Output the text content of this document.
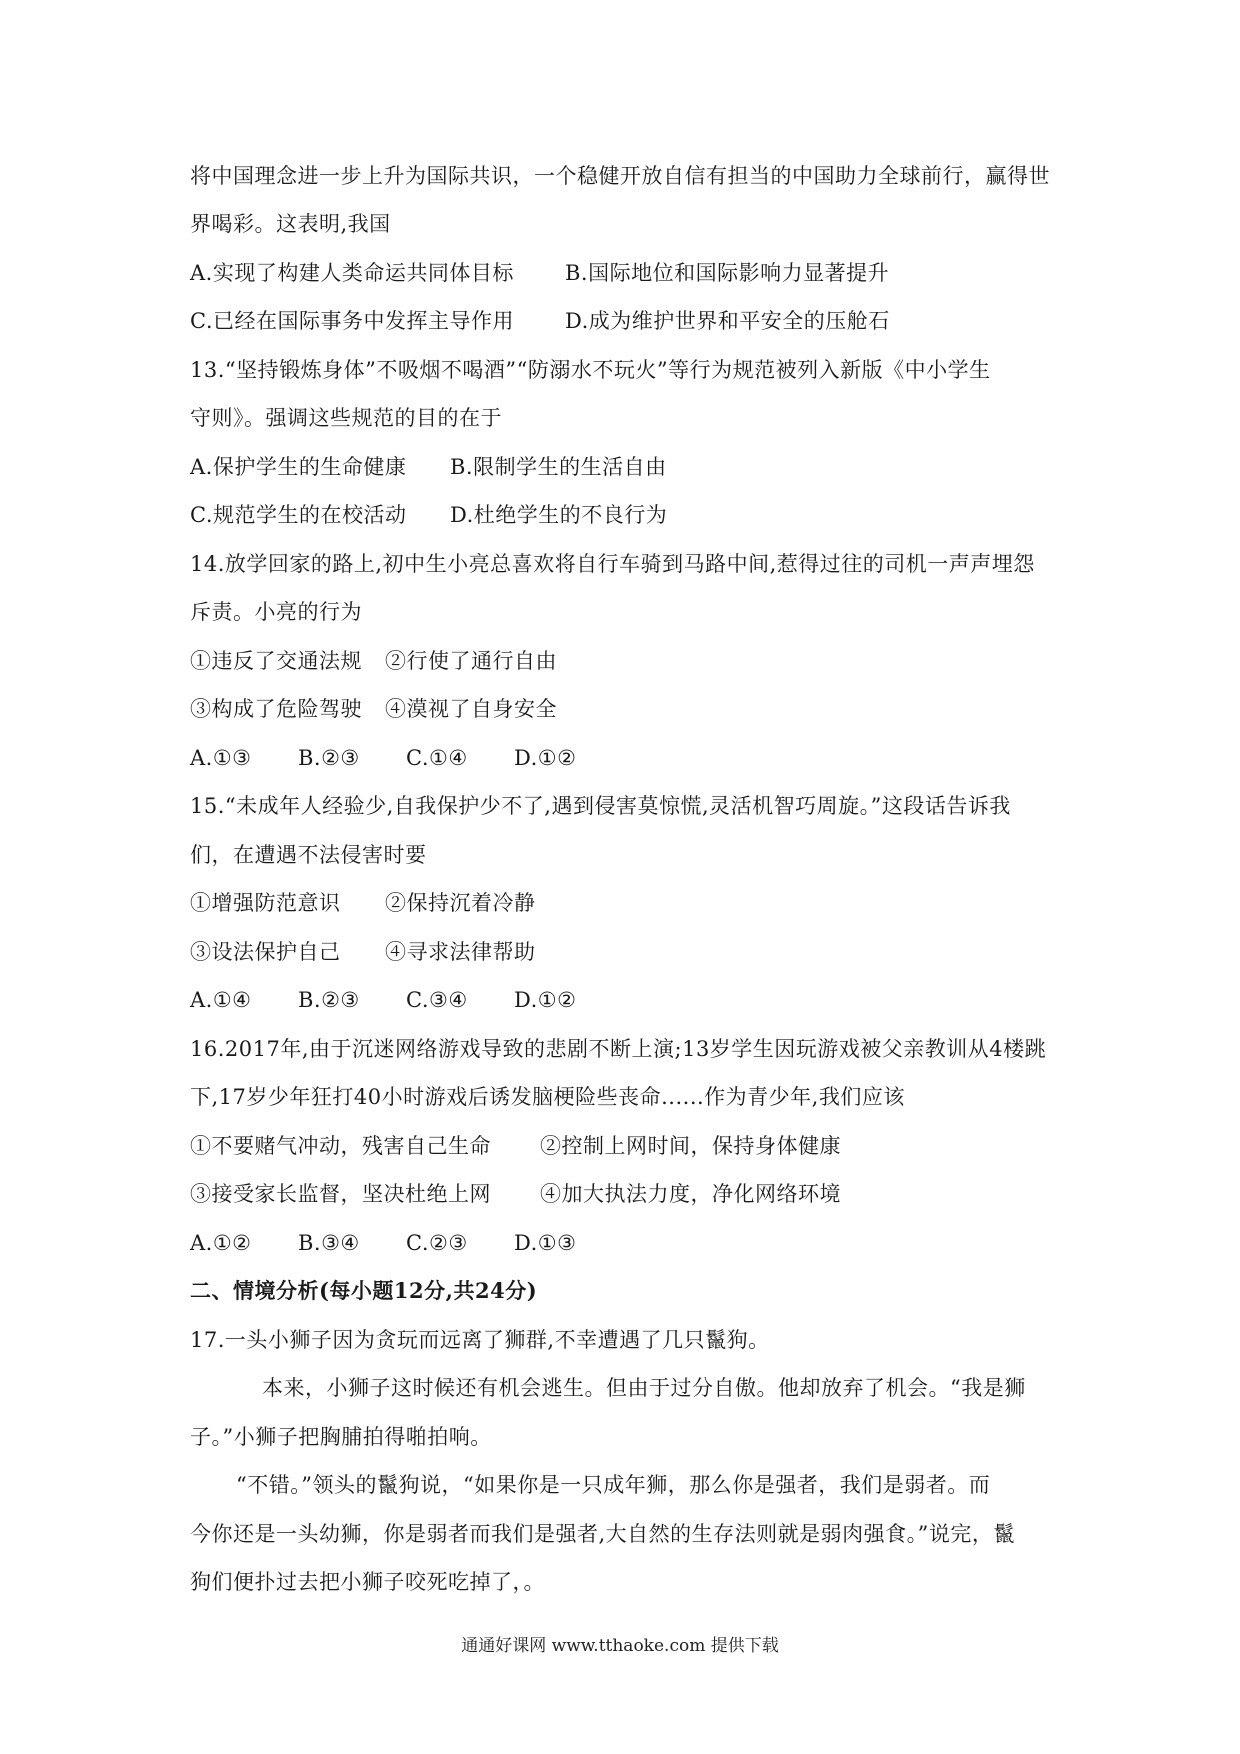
将中国理念进一步上升为国际共识，一个稳健开放自信有担当的中国助力全球前行，赢得世
界喝彩。这表明,我国
A.实现了构建人类命运共同体目标 B.国际地位和国际影响力显著提升
C.已经在国际事务中发挥主导作用 D.成为维护世界和平安全的压舱石
13.“坚持锻炼身体”不吸烟不喝酒”“防溺水不玩火”等行为规范被列入新版《中小学生
守则》。强调这些规范的目的在于
A.保护学生的生命健康 B.限制学生的生活自由
C.规范学生的在校活动 D.杜绝学生的不良行为
14.放学回家的路上,初中生小亮总喜欢将自行车骑到马路中间,惹得过往的司机一声声埋怨
斥责。小亮的行为
①违反了交通法规 ②行使了通行自由
③构成了危险驾驶 ④漠视了自身安全
A.①③ B.②③ C.①④ D.①②
15.“未成年人经验少,自我保护少不了,遇到侵害莫惊慌,灵活机智巧周旋。”这段话告诉我
们，在遭遇不法侵害时要
①增强防范意识 ②保持沉着冷静
③设法保护自己 ④寻求法律帮助
A.①④ B.②③ C.③④ D.①②
16.2017年,由于沉迷网络游戏导致的悲剧不断上演;13岁学生因玩游戏被父亲教训从4楼跳
下,17岁少年狂打40小时游戏后诱发脑梗险些丧命......作为青少年,我们应该
①不要赌气冲动，残害自己生命 ②控制上网时间，保持身体健康
③接受家长监督，坚决杜绝上网 ④加大执法力度，净化网络环境
A.①② B.③④ C.②③ D.①③
二、情境分析(每小题12分,共24分)
17.一头小狮子因为贪玩而远离了狮群,不幸遭遇了几只鬣狗。
本来，小狮子这时候还有机会逃生。但由于过分自傲。他却放弃了机会。“我是狮
子。”小狮子把胸脯拍得啪拍响。
“不错。”领头的鬣狗说，“如果你是一只成年狮，那么你是强者，我们是弱者。而
今你还是一头幼狮，你是弱者而我们是强者,大自然的生存法则就是弱肉强食。”说完，鬣
狗们便扑过去把小狮子咬死吃掉了，。
通通好课网 www.tthaoke.com 提供下载
